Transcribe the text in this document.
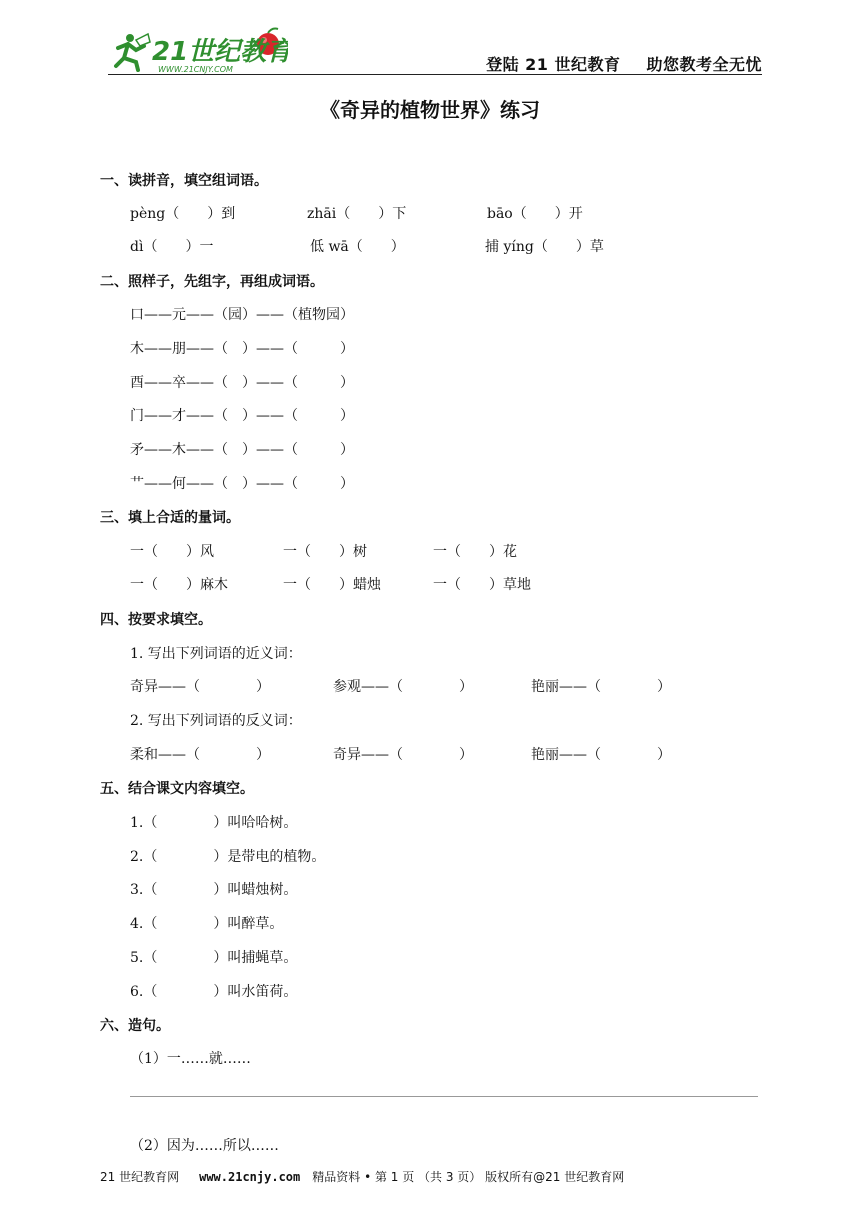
21世纪教育
WWW.21CNJY.COM	登陆 21 世纪教育 助您教考全无忧
《奇异的植物世界》练习
一、读拼音，填空组词语。
pèng（　　）到	zhāi（　　）下	bāo（　　）开
dì（　　）一	低 wā（　　）	捕 yíng（　　）草
二、照样子，先组字，再组成词语。
口——元——（园）——（植物园）
木——朋——（　）——（　　　）
酉——卒——（　）——（　　　）
门——才——（　）——（　　　）
矛——木——（　）——（　　　）
艹——何——（　）——（　　　）
三、填上合适的量词。
一（　　）风	一（　　）树	一（　　）花
一（　　）麻木	一（　　）蜡烛	一（　　）草地
四、按要求填空。
1. 写出下列词语的近义词：
奇异——（　　　　）	参观——（　　　　）	艳丽——（　　　　）
2. 写出下列词语的反义词：
柔和——（　　　　）	奇异——（　　　　）	艳丽——（　　　　）
五、结合课文内容填空。
1.（　　　　）叫哈哈树。
2.（　　　　）是带电的植物。
3.（　　　　）叫蜡烛树。
4.（　　　　）叫醉草。
5.（　　　　）叫捕蝇草。
6.（　　　　）叫水笛荷。
六、造句。
（1）一……就……
（2）因为……所以……
21 世纪教育网 www.21cnjy.com 精品资料 • 第 1 页 （共 3 页） 版权所有@21 世纪教育网
